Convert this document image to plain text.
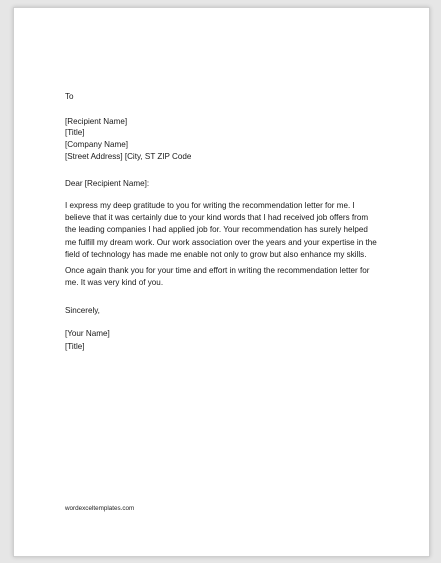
To
[Recipient Name]
[Title]
[Company Name]
[Street Address] [City, ST ZIP Code
Dear [Recipient Name]:
I express my deep gratitude to you for writing the recommendation letter for me. I
believe that it was certainly due to your kind words that I had received job offers from
the leading companies I had applied job for. Your recommendation has surely helped
me fulfill my dream work. Our work association over the years and your expertise in the
field of technology has made me enable not only to grow but also enhance my skills.
Once again thank you for your time and effort in writing the recommendation letter for
me. It was very kind of you.
Sincerely,
[Your Name]
[Title]
wordexceltemplates.com
